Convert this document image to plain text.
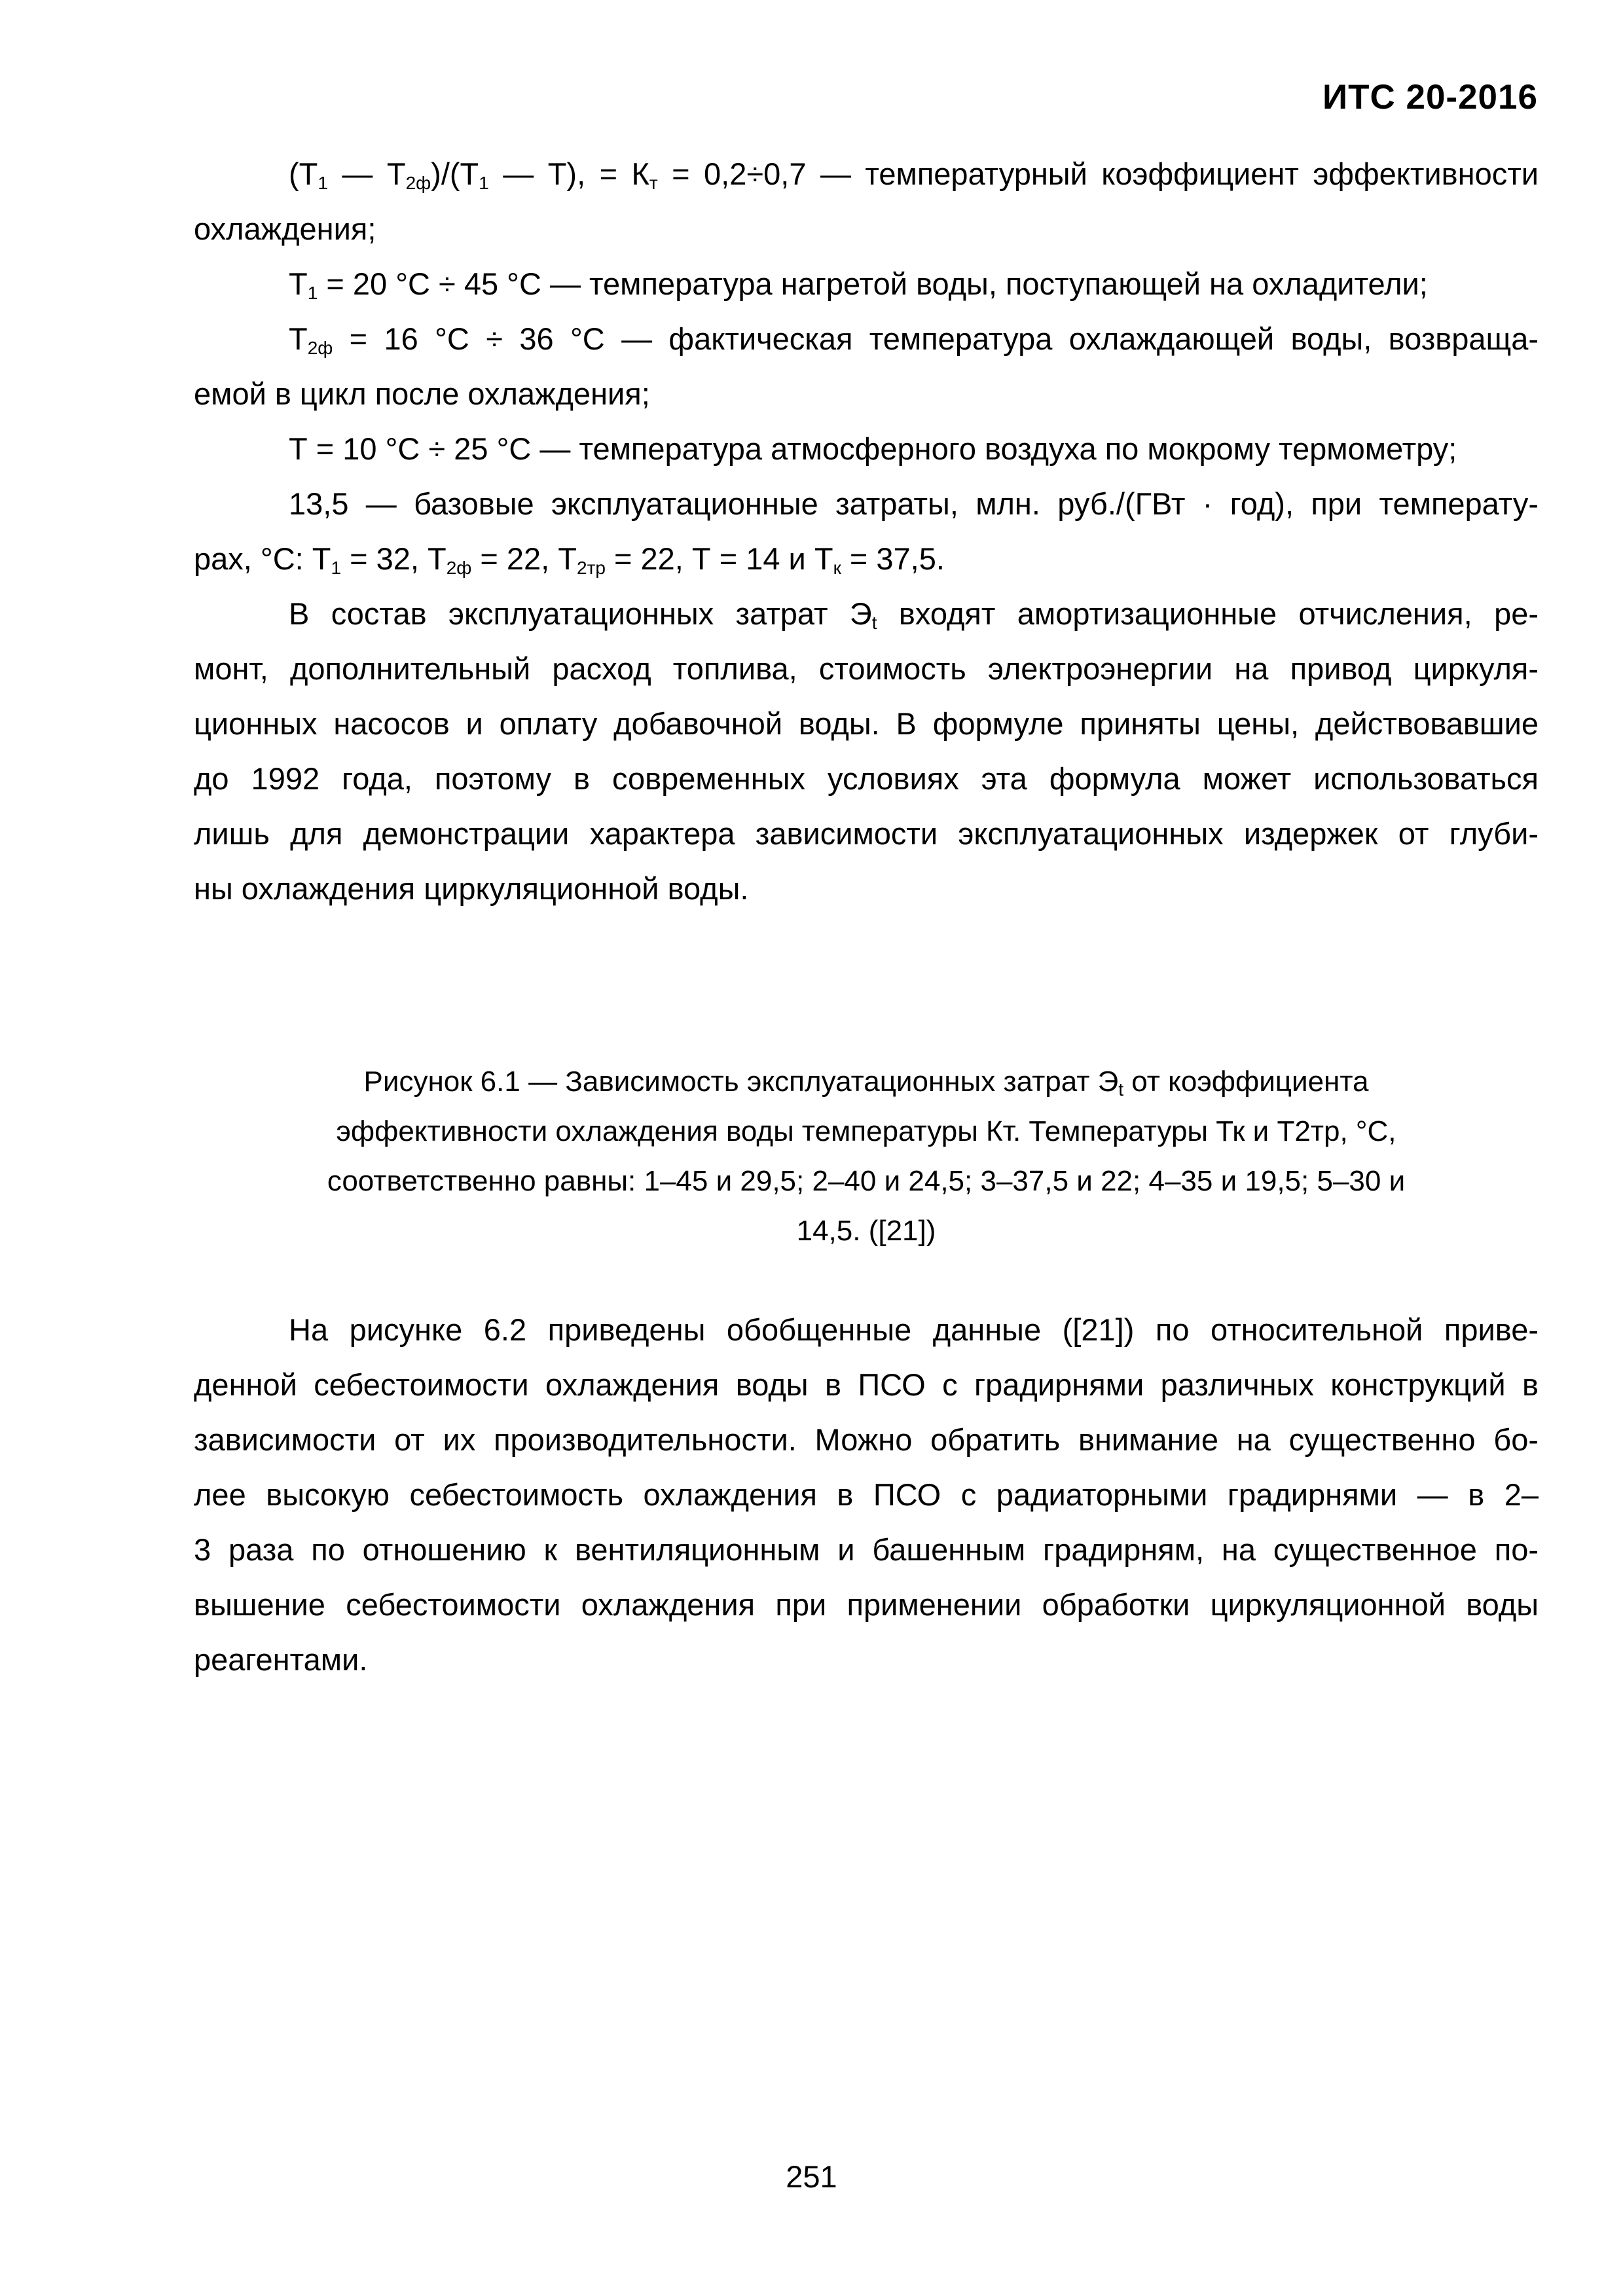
ИТС 20-2016
($Т_1$ — $Т_{2ф})/(Т_1$ — Т), = $К_т = 0,2\div 0,7$ — температурный коэффициент эффективности
охлаждения;
$Т_1 = 20$ °С ÷ 45 °С — температура нагретой воды, поступающей на охладители;
$Т_{2ф} = 16$ °С ÷ 36 °С — фактическая температура охлаждающей воды, возвраща-
емой в цикл после охлаждения;
Т = 10 °С ÷ 25 °С — температура атмосферного воздуха по мокрому термометру;
13,5 — базовые эксплуатационные затраты, млн. руб./(ГВт · год), при температу-
рах, °С: $Т_1 = 32$, $Т_{2ф} = 22$, $Т_{2тр} = 22$, Т = 14 и $Т_к = 37,5$.
В состав эксплуатационных затрат $Э_t$ входят амортизационные отчисления, ре-
монт, дополнительный расход топлива, стоимость электроэнергии на привод циркуля-
ционных насосов и оплату добавочной воды. В формуле приняты цены, действовавшие
до 1992 года, поэтому в современных условиях эта формула может использоваться
лишь для демонстрации характера зависимости эксплуатационных издержек от глуби-
ны охлаждения циркуляционной воды.
Рисунок 6.1 — Зависимость эксплуатационных затрат $Э_t$ от коэффициента
эффективности охлаждения воды температуры Кт. Температуры Тк и Т2тр, °С,
соответственно равны: 1–45 и 29,5; 2–40 и 24,5; 3–37,5 и 22; 4–35 и 19,5; 5–30 и
14,5. ([21])
На рисунке 6.2 приведены обобщенные данные ([21]) по относительной приве-
денной себестоимости охлаждения воды в ПСО с градирнями различных конструкций в
зависимости от их производительности. Можно обратить внимание на существенно бо-
лее высокую себестоимость охлаждения в ПСО с радиаторными градирнями — в 2–
3 раза по отношению к вентиляционным и башенным градирням, на существенное по-
вышение себестоимости охлаждения при применении обработки циркуляционной воды
реагентами.
251
